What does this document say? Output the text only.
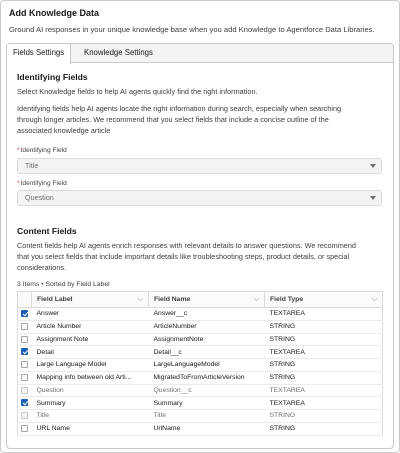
Add Knowledge Data
Ground AI responses in your unique knowledge base when you add Knowledge to Agentforce Data Libraries.
Fields Settings	Knowledge Settings
Identifying Fields
Select Knowledge fields to help AI agents quickly find the right information.
Identifying fields help AI agents locate the right information during search, especially when searching
through longer articles. We recommend that you select fields that include a concise outline of the
associated knowledge article
*Identifying Field
Title
*Identifying Field
Question
Content Fields
Content fields help AI agents enrich responses with relevant details to answer questions. We recommend
that you select fields that include important details like troubleshooting steps, product details, or special
considerations.
3 Items • Sorted by Field Label
	Field Label ⌵	Field Name ⌵	Field Type ⌵

	Answer	Answer__c	TEXTAREA
	Article Number	ArticleNumber	STRING
	Assignment Note	AssignmentNote	STRING
	Detail	Detail__c	TEXTAREA
	Large Language Model	LargeLanguageModel	STRING
	Mapping info between old Arti...	MigratedToFromArticleVersion	STRING
	Question	Question__c	TEXTAREA
	Summary	Summary	TEXTAREA
	Title	Title	STRING
	URL Name	UrlName	STRING
